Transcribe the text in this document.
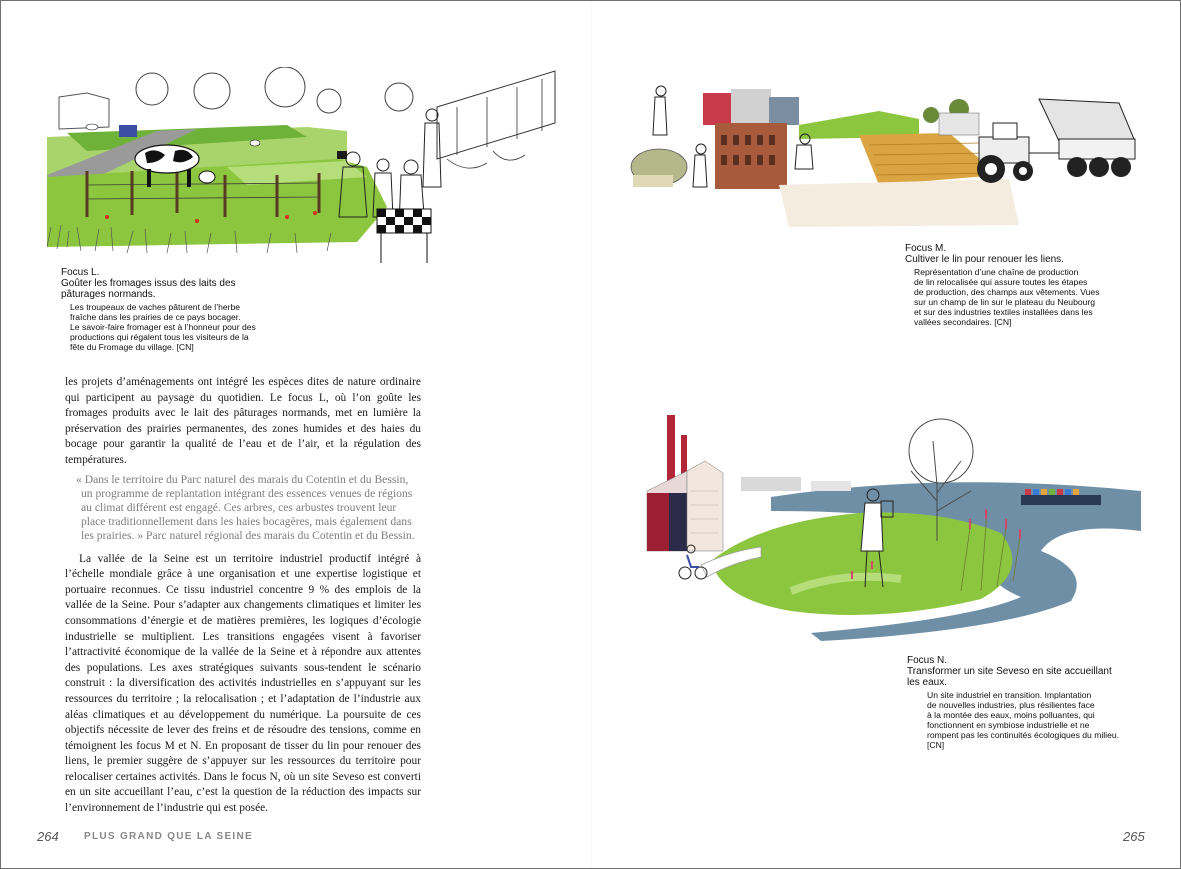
Focus L.

Goûter les fromages issus des laits des

pâturages normands.

Les troupeaux de vaches pâturent de l’herbe
fraîche dans les prairies de ce pays bocager.
Le savoir-faire fromager est à l’honneur pour des
productions qui régalent tous les visiteurs de la
fête du Fromage du village. [CN]

Focus M.

Cultiver le lin pour renouer les liens.

Représentation d’une chaîne de production
de lin relocalisée qui assure toutes les étapes
de production, des champs aux vêtements. Vues
sur un champ de lin sur le plateau du Neubourg
et sur des industries textiles installées dans les
vallées secondaires. [CN]

Focus N.

Transformer un site Seveso en site accueillant

les eaux.

Un site industriel en transition. Implantation
de nouvelles industries, plus résilientes face
à la montée des eaux, moins polluantes, qui
fonctionnent en symbiose industrielle et ne
rompent pas les continuités écologiques du milieu.
[CN]

les projets d’aménagements ont intégré les espèces dites de nature ordinaire qui participent au paysage du quotidien. Le focus L, où l’on goûte les fromages produits avec le lait des pâturages normands, met en lumière la préservation des prairies permanentes, des zones humides et des haies du bocage pour garantir la qualité de l’eau et de l’air, et la régulation des températures.

« Dans le territoire du Parc naturel des marais du Cotentin et du Bessin, un programme de replantation intégrant des essences venues de régions au climat différent est engagé. Ces arbres, ces arbustes trouvent leur place traditionnellement dans les haies bocagères, mais également dans les prairies. » Parc naturel régional des marais du Cotentin et du Bessin.

La vallée de la Seine est un territoire industriel productif intégré à l’échelle mondiale grâce à une organisation et une expertise logistique et portuaire reconnues. Ce tissu industriel concentre 9 % des emplois de la vallée de la Seine. Pour s’adapter aux changements climatiques et limiter les consommations d’énergie et de matières premières, les logiques d’écologie industrielle se multiplient. Les transitions engagées visent à favoriser l’attractivité économique de la vallée de la Seine et à répondre aux attentes des populations. Les axes stratégiques suivants sous-tendent le scénario construit : la diversification des activités industrielles en s’appuyant sur les ressources du territoire ; la relocalisation ; et l’adaptation de l’industrie aux aléas climatiques et au développement du numérique. La poursuite de ces objectifs nécessite de lever des freins et de résoudre des tensions, comme en témoignent les focus M et N. En proposant de tisser du lin pour renouer des liens, le premier suggère de s’appuyer sur les ressources du territoire pour relocaliser certaines activités. Dans le focus N, où un site Seveso est converti en un site accueillant l’eau, c’est la question de la réduction des impacts sur l’environnement de l’industrie qui est posée.

264	PLUS GRAND QUE LA SEINE	265
